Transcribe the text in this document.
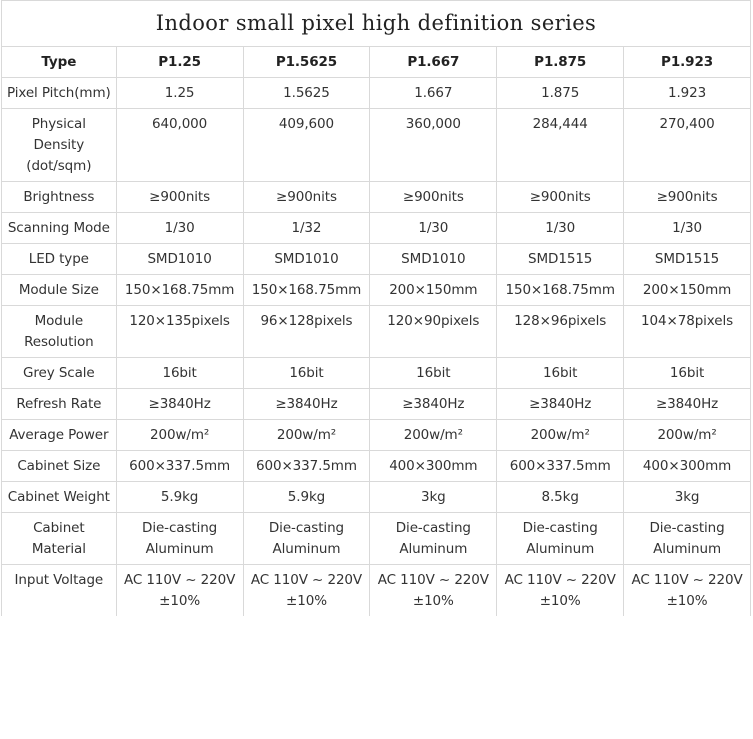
Indoor small pixel high definition series					
Type	P1.25	P1.5625	P1.667	P1.875	P1.923
Pixel Pitch(mm)	1.25	1.5625	1.667	1.875	1.923
Physical Density (dot/sqm)	640,000	409,600	360,000	284,444	270,400
Brightness	≥900nits	≥900nits	≥900nits	≥900nits	≥900nits
Scanning Mode	1/30	1/32	1/30	1/30	1/30
LED type	SMD1010	SMD1010	SMD1010	SMD1515	SMD1515
Module Size	150×168.75mm	150×168.75mm	200×150mm	150×168.75mm	200×150mm
Module Resolution	120×135pixels	96×128pixels	120×90pixels	128×96pixels	104×78pixels
Grey Scale	16bit	16bit	16bit	16bit	16bit
Refresh Rate	≥3840Hz	≥3840Hz	≥3840Hz	≥3840Hz	≥3840Hz
Average Power	200w/m²	200w/m²	200w/m²	200w/m²	200w/m²
Cabinet Size	600×337.5mm	600×337.5mm	400×300mm	600×337.5mm	400×300mm
Cabinet Weight	5.9kg	5.9kg	3kg	8.5kg	3kg
Cabinet Material	Die-casting Aluminum	Die-casting Aluminum	Die-casting Aluminum	Die-casting Aluminum	Die-casting Aluminum
Input Voltage	AC 110V ~ 220V ±10%	AC 110V ~ 220V ±10%	AC 110V ~ 220V ±10%	AC 110V ~ 220V ±10%	AC 110V ~ 220V ±10%
